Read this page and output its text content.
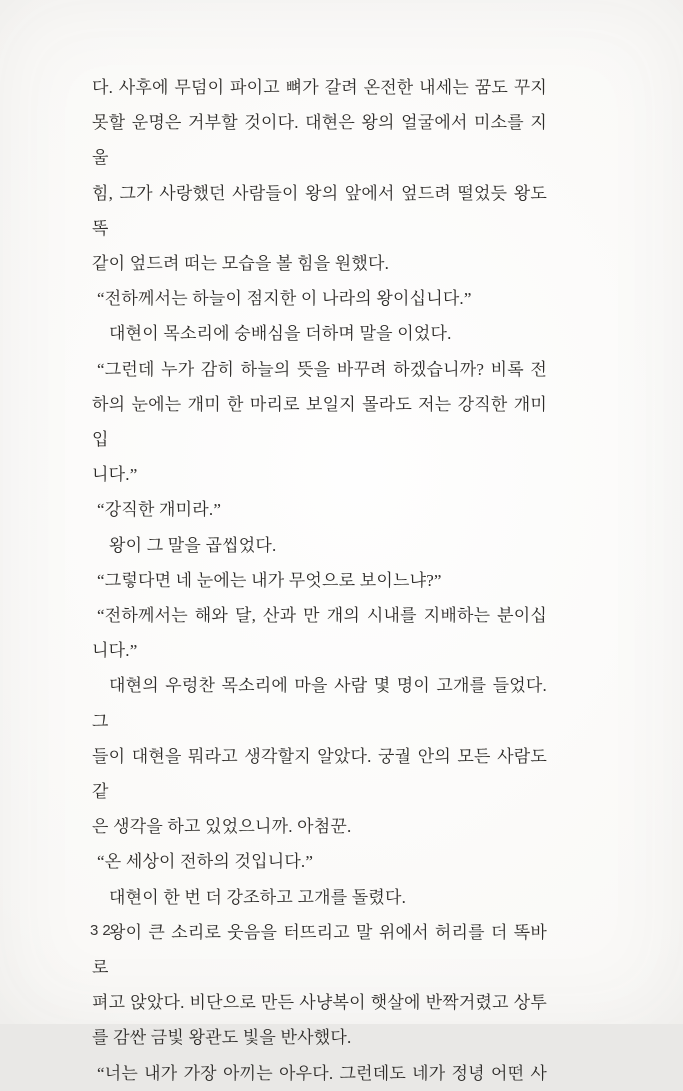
다. 사후에 무덤이 파이고 뼈가 갈려 온전한 내세는 꿈도 꾸지
못할 운명은 거부할 것이다. 대현은 왕의 얼굴에서 미소를 지울
힘, 그가 사랑했던 사람들이 왕의 앞에서 엎드려 떨었듯 왕도 똑
같이 엎드려 떠는 모습을 볼 힘을 원했다.
“전하께서는 하늘이 점지한 이 나라의 왕이십니다.”
대현이 목소리에 숭배심을 더하며 말을 이었다.
“그런데 누가 감히 하늘의 뜻을 바꾸려 하겠습니까? 비록 전
하의 눈에는 개미 한 마리로 보일지 몰라도 저는 강직한 개미입
니다.”
“강직한 개미라.”
왕이 그 말을 곱씹었다.
“그렇다면 네 눈에는 내가 무엇으로 보이느냐?”
“전하께서는 해와 달, 산과 만 개의 시내를 지배하는 분이십
니다.”
대현의 우렁찬 목소리에 마을 사람 몇 명이 고개를 들었다. 그
들이 대현을 뭐라고 생각할지 알았다. 궁궐 안의 모든 사람도 같
은 생각을 하고 있었으니까. 아첨꾼.
“온 세상이 전하의 것입니다.”
대현이 한 번 더 강조하고 고개를 돌렸다.
왕이 큰 소리로 웃음을 터뜨리고 말 위에서 허리를 더 똑바로
펴고 앉았다. 비단으로 만든 사냥복이 햇살에 반짝거렸고 상투
를 감싼 금빛 왕관도 빛을 반사했다.
“너는 내가 가장 아끼는 아우다. 그런데도 네가 정녕 어떤 사
32
